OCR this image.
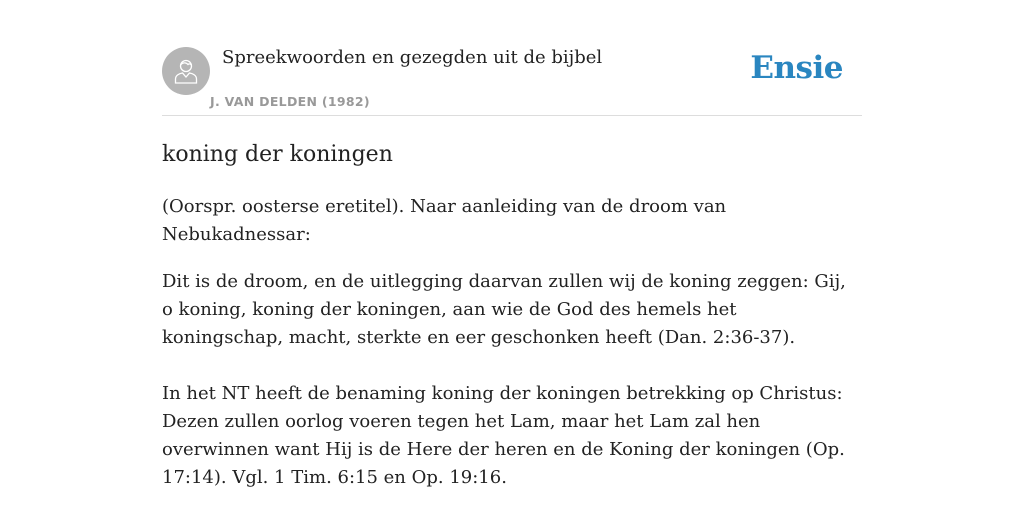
Spreekwoorden en gezegden uit de bijbel
J. VAN DELDEN (1982)
Ensie
koning der koningen

(Oorspr. oosterse eretitel). Naar aanleiding van de droom van Nebukadnessar:

Dit is de droom, en de uitlegging daarvan zullen wij de koning zeggen: Gij, o koning, koning der koningen, aan wie de God des hemels het koningschap, macht, sterkte en eer geschonken heeft (Dan. 2:36-37).

In het NT heeft de benaming koning der koningen betrekking op Christus: Dezen zullen oorlog voeren tegen het Lam, maar het Lam zal hen overwinnen want Hij is de Here der heren en de Koning der koningen (Op. 17:14). Vgl. 1 Tim. 6:15 en Op. 19:16.
